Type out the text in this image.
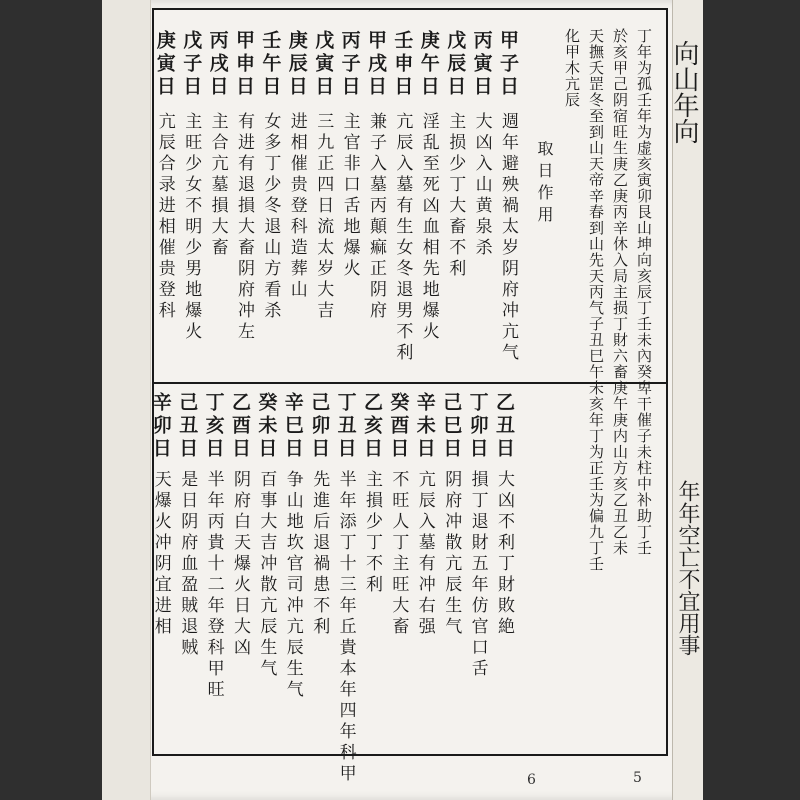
丁年为孤壬年为虚亥寅卯艮山坤向亥辰丁壬未內癸卑干催子未柱中补助丁壬
於亥甲己阴宿旺生庚乙庚丙辛休入局主损丁財六畜庚午庚内山方亥乙丑乙未
天撫夭罡冬至到山天帝辛春到山先天丙气子丑巳午未亥年丁为正壬为偏九丁壬
化甲木亢辰
取日作用
甲子日
週年避殃禍太岁阴府冲亢气
丙寅日
大凶入山黄泉杀
戊辰日
主损少丁大畜不利
庚午日
淫乱至死凶血相先地爆火
壬申日
亢辰入墓有生女冬退男不利
甲戌日
兼子入墓丙顛痲正阴府
丙子日
主官非口舌地爆火
戊寅日
三九正四日流太岁大吉
庚辰日
进相催贵登科造葬山
壬午日
女多丁少冬退山方看杀
甲申日
有进有退損大畜阴府冲左
丙戌日
主合亢墓損大畜
戊子日
主旺少女不明少男地爆火
庚寅日
亢辰合录进相催贵登科
乙丑日
大凶不利丁財敗絶
丁卯日
損丁退財五年仿官口舌
己巳日
阴府冲散亢辰生气
辛未日
亢辰入墓有冲右强
癸酉日
不旺人丁主旺大畜
乙亥日
主損少丁不利
丁丑日
半年添丁十三年丘貴本年四年科甲
己卯日
先進后退禍患不利
辛巳日
争山地坎官司冲亢辰生气
癸未日
百事大吉冲散亢辰生气
乙酉日
阴府白天爆火日大凶
丁亥日
半年丙貴十二年登科甲旺
己丑日
是日阴府血盈賊退贼
辛卯日
天爆火冲阴宜进相
向山年向
年年空亡不宜用事
6	5
